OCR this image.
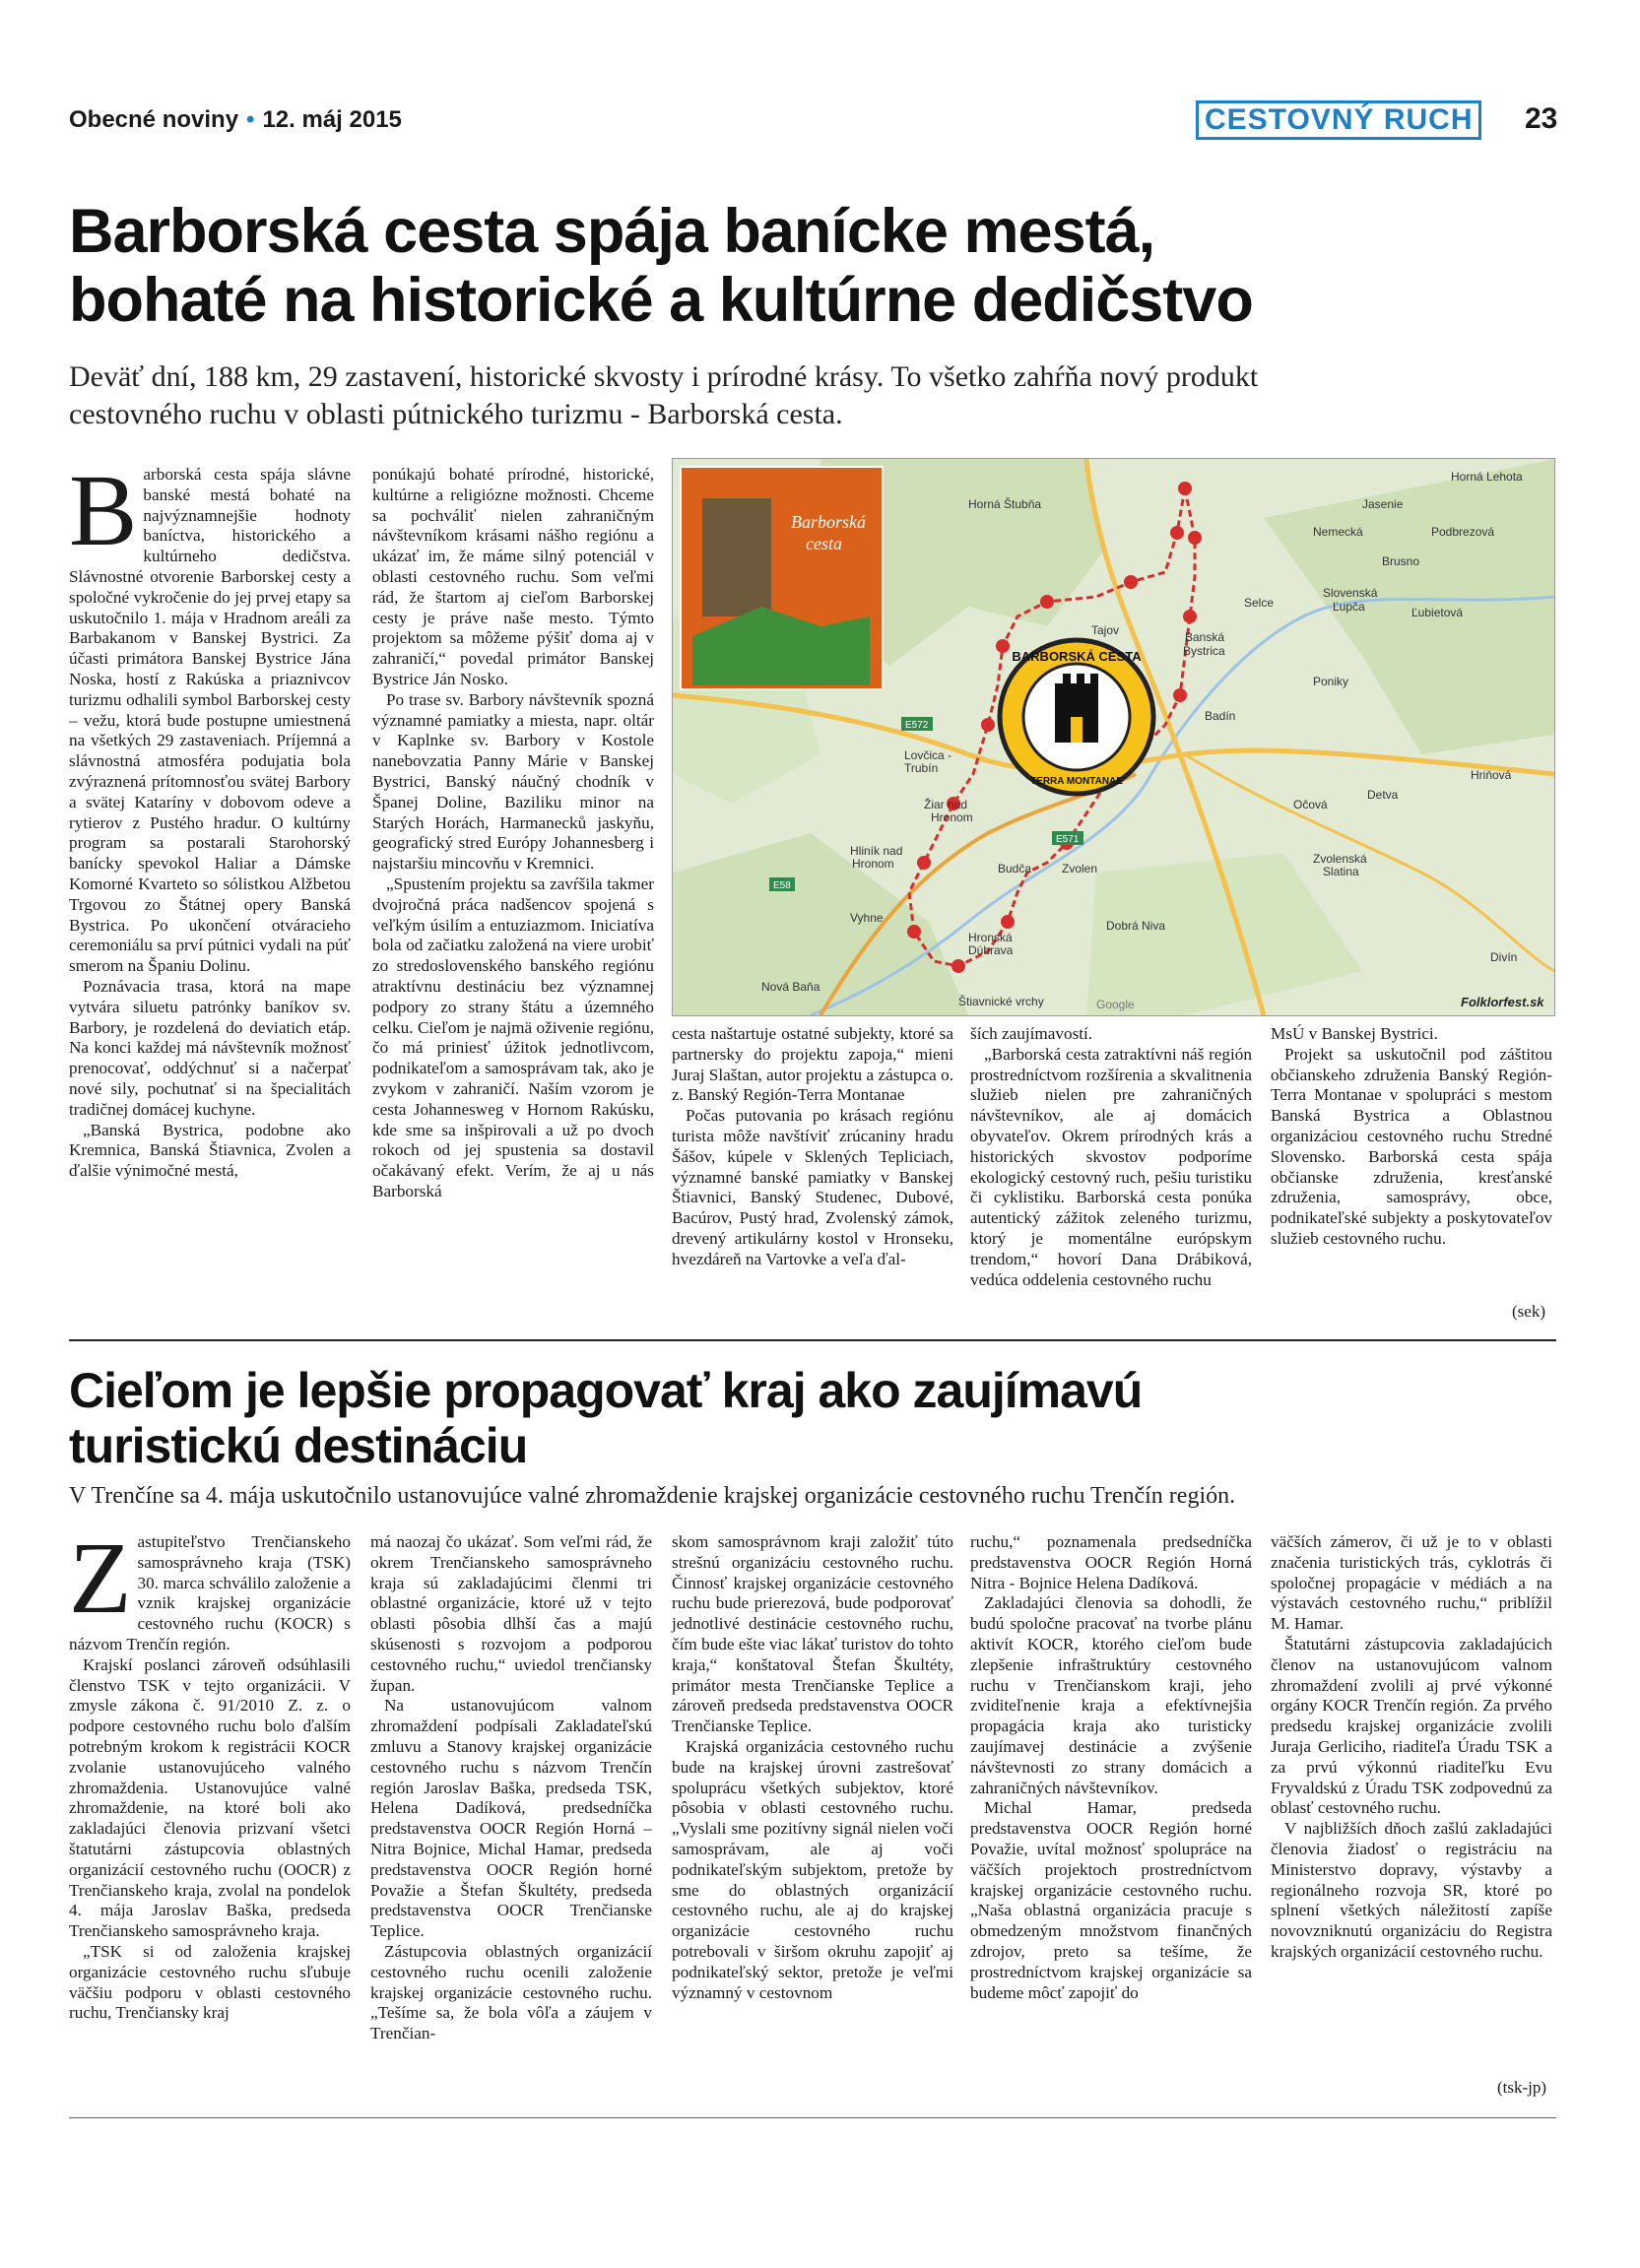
Obecné noviny • 12. máj 2015	CESTOVNÝ RUCH	23
Barborská cesta spája banícke mestá,
bohaté na historické a kultúrne dedičstvo
Deväť dní, 188 km, 29 zastavení, historické skvosty i prírodné krásy. To všetko zahŕňa nový produkt
cestovného ruchu v oblasti pútnického turizmu - Barborská cesta.

Barborská cesta spája slávne banské mestá bohaté na najvýznamnejšie hodnoty baníctva, historického a kultúrneho dedičstva. Slávnostné otvorenie Barborskej cesty a spoločné vykročenie do jej prvej etapy sa uskutočnilo 1. mája v Hradnom areáli za Barbakanom v Banskej Bystrici. Za účasti primátora Banskej Bystrice Jána Noska, hostí z Rakúska a priaznivcov turizmu odhalili symbol Barborskej cesty – vežu, ktorá bude postupne umiestnená na všetkých 29 zastaveniach. Príjemná a slávnostná atmosféra podujatia bola zvýraznená prítomnosťou svätej Barbory a svätej Kataríny v dobovom odeve a rytierov z Pustého hradur. O kultúrny program sa postarali Starohorský banícky spevokol Haliar a Dámske Komorné Kvarteto so sólistkou Alžbetou Trgovou zo Štátnej opery Banská Bystrica. Po ukončení otváracieho ceremoniálu sa prví pútnici vydali na púť smerom na Španiu Dolinu.

Poznávacia trasa, ktorá na mape vytvára siluetu patrónky baníkov sv. Barbory, je rozdelená do deviatich etáp. Na konci každej má návštevník možnosť prenocovať, oddýchnuť si a načerpať nové sily, pochutnať si na špecialitách tradičnej domácej kuchyne.

„Banská Bystrica, podobne ako Kremnica, Banská Štiavnica, Zvolen a ďalšie výnimočné mestá,

ponúkajú bohaté prírodné, historické, kultúrne a religiózne možnosti. Chceme sa pochváliť nielen zahraničným návštevníkom krásami nášho regiónu a ukázať im, že máme silný potenciál v oblasti cestovného ruchu. Som veľmi rád, že štartom aj cieľom Barborskej cesty je práve naše mesto. Týmto projektom sa môžeme pýšiť doma aj v zahraničí,“ povedal primátor Banskej Bystrice Ján Nosko.

Po trase sv. Barbory návštevník spozná významné pamiatky a miesta, napr. oltár v Kaplnke sv. Barbory v Kostole nanebovzatia Panny Márie v Banskej Bystrici, Banský náučný chodník v Španej Doline, Baziliku minor na Starých Horách, Harmanecků jaskyňu, geografický stred Európy Johannesberg i najstaršiu mincovňu v Kremnici.

„Spustením projektu sa zavŕšila takmer dvojročná práca nadšencov spojená s veľkým úsilím a entuziazmom. Iniciatíva bola od začiatku založená na viere urobiť zo stredoslovenského banského regiónu atraktívnu destináciu bez významnej podpory zo strany štátu a územného celku. Cieľom je najmä oživenie regiónu, čo má priniesť úžitok jednotlivcom, podnikateľom a samosprávam tak, ako je zvykom v zahraničí. Naším vzorom je cesta Johannesweg v Hornom Rakúsku, kde sme sa inšpirovali a už po dvoch rokoch od jej spustenia sa dostavil očakávaný efekt. Verím, že aj u nás Barborská

Horná Lehota
Jasenie
Nemecká	Podbrezová
Horná Štubňa
Brusno
Selce
Slovenská
Ľupča	Ľubietová
Tajov	Banská
Bystrica
Poniky
Badín
Lovčica -
Trubín
Žiar nad
Hronom
Hliník nad
Hronom
Vyhne
Nová Baňa
Budča	Zvolen
Očová
Zvolenská
Slatina
Detva
Hriňová
Dobrá Niva
Divín
Štiavnické vrchy
Hronská
Dúbrava
E572
E58
E571
Barborská
cesta
BARBORSKÁ CESTA
TERRA MONTANAE
Folklorfest.sk
Google

cesta naštartuje ostatné subjekty, ktoré sa partnersky do projektu zapoja,“ mieni Juraj Slaštan, autor projektu a zástupca o. z. Banský Región-Terra Montanae

Počas putovania po krásach regiónu turista môže navštíviť zrúcaniny hradu Šášov, kúpele v Sklených Tepliciach, významné banské pamiatky v Banskej Štiavnici, Banský Studenec, Dubové, Bacúrov, Pustý hrad, Zvolenský zámok, drevený artikulárny kostol v Hronseku, hvezdáreň na Vartovke a veľa ďal-

ších zaujímavostí.

„Barborská cesta zatraktívni náš región prostredníctvom rozšírenia a skvalitnenia služieb nielen pre zahraničných návštevníkov, ale aj domácich obyvateľov. Okrem prírodných krás a historických skvostov podporíme ekologický cestovný ruch, pešiu turistiku či cyklistiku. Barborská cesta ponúka autentický zážitok zeleného turizmu, ktorý je momentálne európskym trendom,“ hovorí Dana Drábiková, vedúca oddelenia cestovného ruchu

MsÚ v Banskej Bystrici.

Projekt sa uskutočnil pod záštitou občianskeho združenia Banský Región-Terra Montanae v spolupráci s mestom Banská Bystrica a Oblastnou organizáciou cestovného ruchu Stredné Slovensko. Barborská cesta spája občianske združenia, kresťanské združenia, samosprávy, obce, podnikateľské subjekty a poskytovateľov služieb cestovného ruchu.

(sek)
Cieľom je lepšie propagovať kraj ako zaujímavú
turistickú destináciu
V Trenčíne sa 4. mája uskutočnilo ustanovujúce valné zhromaždenie krajskej organizácie cestovného ruchu Trenčín región.

Zastupiteľstvo Trenčianskeho samosprávneho kraja (TSK) 30. marca schválilo založenie a vznik krajskej organizácie cestovného ruchu (KOCR) s názvom Trenčín región.

Krajskí poslanci zároveň odsúhlasili členstvo TSK v tejto organizácii. V zmysle zákona č. 91/2010 Z. z. o podpore cestovného ruchu bolo ďalším potrebným krokom k registrácii KOCR zvolanie ustanovujúceho valného zhromaždenia. Ustanovujúce valné zhromaždenie, na ktoré boli ako zakladajúci členovia prizvaní všetci štatutárni zástupcovia oblastných organizácií cestovného ruchu (OOCR) z Trenčianskeho kraja, zvolal na pondelok 4. mája Jaroslav Baška, predseda Trenčianskeho samosprávneho kraja.

„TSK si od založenia krajskej organizácie cestovného ruchu sľubuje väčšiu podporu v oblasti cestovného ruchu, Trenčiansky kraj

má naozaj čo ukázať. Som veľmi rád, že okrem Trenčianskeho samosprávneho kraja sú zakladajúcimi členmi tri oblastné organizácie, ktoré už v tejto oblasti pôsobia dlhší čas a majú skúsenosti s rozvojom a podporou cestovného ruchu,“ uviedol trenčiansky župan.

Na ustanovujúcom valnom zhromaždení podpísali Zakladateľskú zmluvu a Stanovy krajskej organizácie cestovného ruchu s názvom Trenčín región Jaroslav Baška, predseda TSK, Helena Dadíková, predsedníčka predstavenstva OOCR Región Horná –Nitra Bojnice, Michal Hamar, predseda predstavenstva OOCR Región horné Považie a Štefan Škultéty, predseda predstavenstva OOCR Trenčianske Teplice.

Zástupcovia oblastných organizácií cestovného ruchu ocenili založenie krajskej organizácie cestovného ruchu. „Tešíme sa, že bola vôľa a záujem v Trenčian-

skom samosprávnom kraji založiť túto strešnú organizáciu cestovného ruchu. Činnosť krajskej organizácie cestovného ruchu bude prierezová, bude podporovať jednotlivé destinácie cestovného ruchu, čím bude ešte viac lákať turistov do tohto kraja,“ konštatoval Štefan Škultéty, primátor mesta Trenčianske Teplice a zároveň predseda predstavenstva OOCR Trenčianske Teplice.

Krajská organizácia cestovného ruchu bude na krajskej úrovni zastrešovať spoluprácu všetkých subjektov, ktoré pôsobia v oblasti cestovného ruchu. „Vyslali sme pozitívny signál nielen voči samosprávam, ale aj voči podnikateľským subjektom, pretože by sme do oblastných organizácií cestovného ruchu, ale aj do krajskej organizácie cestovného ruchu potrebovali v širšom okruhu zapojiť aj podnikateľský sektor, pretože je veľmi významný v cestovnom

ruchu,“ poznamenala predsedníčka predstavenstva OOCR Región Horná Nitra - Bojnice Helena Dadíková.

Zakladajúci členovia sa dohodli, že budú spoločne pracovať na tvorbe plánu aktivít KOCR, ktorého cieľom bude zlepšenie infraštruktúry cestovného ruchu v Trenčianskom kraji, jeho zviditeľnenie kraja a efektívnejšia propagácia kraja ako turisticky zaujímavej destinácie a zvýšenie návštevnosti zo strany domácich a zahraničných návštevníkov.

Michal Hamar, predseda predstavenstva OOCR Región horné Považie, uvítal možnosť spolupráce na väčších projektoch prostredníctvom krajskej organizácie cestovného ruchu. „Naša oblastná organizácia pracuje s obmedzeným množstvom finančných zdrojov, preto sa tešíme, že prostredníctvom krajskej organizácie sa budeme môcť zapojiť do

väčších zámerov, či už je to v oblasti značenia turistických trás, cyklotrás či spoločnej propagácie v médiách a na výstavách cestovného ruchu,“ priblížil M. Hamar.

Štatutárni zástupcovia zakladajúcich členov na ustanovujúcom valnom zhromaždení zvolili aj prvé výkonné orgány KOCR Trenčín región. Za prvého predsedu krajskej organizácie zvolili Juraja Gerliciho, riaditeľa Úradu TSK a za prvú výkonnú riaditeľku Evu Fryvaldskú z Úradu TSK zodpovednú za oblasť cestovného ruchu.

V najbližších dňoch zašlú zakladajúci členovia žiadosť o registráciu na Ministerstvo dopravy, výstavby a regionálneho rozvoja SR, ktoré po splnení všetkých náležitostí zapíše novovzniknutú organizáciu do Registra krajských organizácií cestovného ruchu.

(tsk-jp)
